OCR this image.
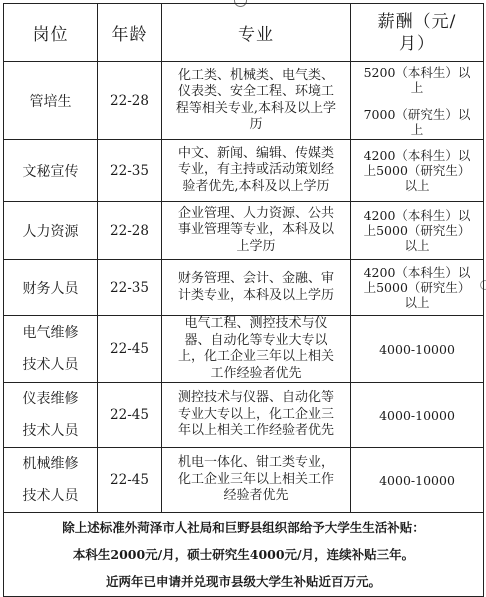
岗位	年龄	专业	薪酬（元/
月）

管培生	22-28	化工类、机械类、电气类、
仪表类、安全工程、环境工
程等相关专业,本科及以上学
历	5200（本科生）以
上
7000（研究生）以
上

文秘宣传	22-35	中文、新闻、编辑、传媒类
专业，有主持或活动策划经
验者优先,本科及以上学历	4200（本科生）以
上5000（研究生）
以上

人力资源	22-28	企业管理、人力资源、公共
事业管理等专业，本科及以
上学历	4200（本科生）以
上5000（研究生）
以上

财务人员	22-35	财务管理、会计、金融、审
计类专业，本科及以上学历	4200（本科生）以
上5000（研究生）
以上

电气维修
技术人员	22-45	电气工程、测控技术与仪
器、自动化等专业大专以
上，化工企业三年以上相关
工作经验者优先	4000-10000

仪表维修
技术人员	22-45	测控技术与仪器、自动化等
专业大专以上，化工企业三
年以上相关工作经验者优先	4000-10000

机械维修
技术人员	22-45	机电一体化、钳工类专业，
化工企业三年以上相关工作
经验者优先	4000-10000

除上述标准外菏泽市人社局和巨野县组织部给予大学生生活补贴：
本科生2000元/月，硕士研究生4000元/月，连续补贴三年。
近两年已申请并兑现市县级大学生补贴近百万元。			
